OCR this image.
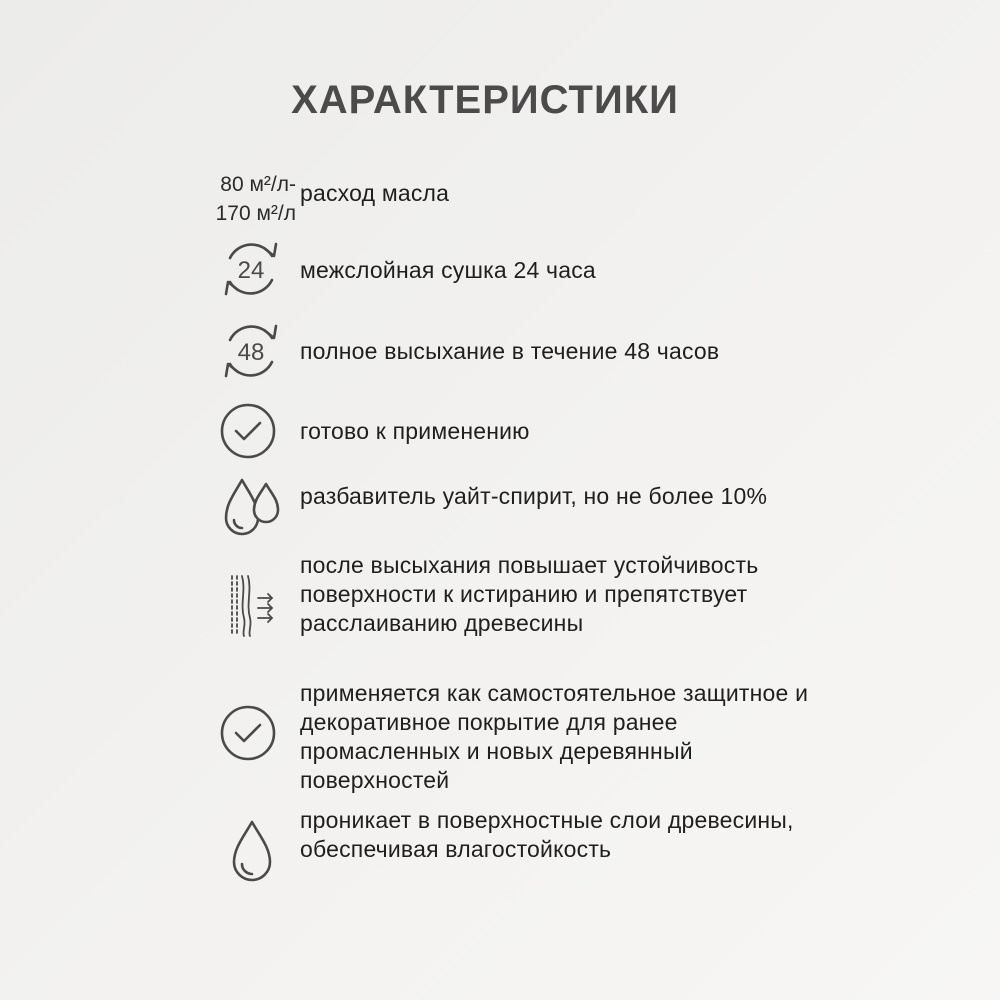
ХАРАКТЕРИСТИКИ
80 м²/л-
170 м²/л
расход масла
24 межслойная сушка 24 часа
48 полное высыхание в течение 48 часов
готово к применению
разбавитель уайт-спирит, но не более 10%
после высыхания повышает устойчивость поверхности к истиранию и препятствует расслаиванию древесины
применяется как самостоятельное защитное и декоративное покрытие для ранее промасленных и новых деревянный поверхностей
проникает в поверхностные слои древесины, обеспечивая влагостойкость
